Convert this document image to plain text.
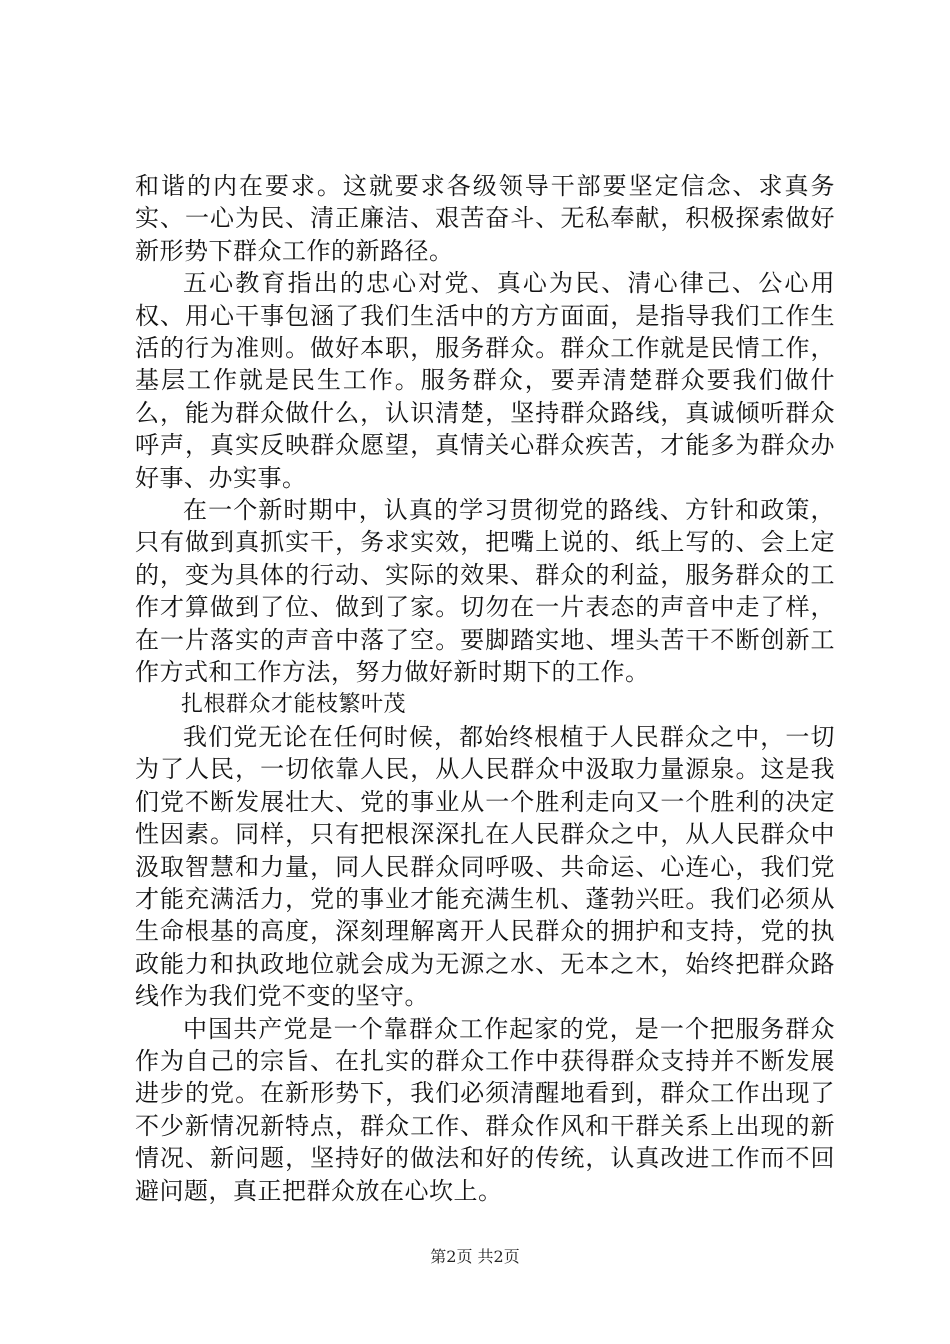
和谐的内在要求。这就要求各级领导干部要坚定信念、求真务实、一心为民、清正廉洁、艰苦奋斗、无私奉献，积极探索做好新形势下群众工作的新路径。

五心教育指出的忠心对党、真心为民、清心律己、公心用权、用心干事包涵了我们生活中的方方面面，是指导我们工作生活的行为准则。做好本职，服务群众。群众工作就是民情工作，基层工作就是民生工作。服务群众，要弄清楚群众要我们做什么，能为群众做什么，认识清楚，坚持群众路线，真诚倾听群众呼声，真实反映群众愿望，真情关心群众疾苦，才能多为群众办好事、办实事。

在一个新时期中，认真的学习贯彻党的路线、方针和政策，只有做到真抓实干，务求实效，把嘴上说的、纸上写的、会上定的，变为具体的行动、实际的效果、群众的利益，服务群众的工作才算做到了位、做到了家。切勿在一片表态的声音中走了样，在一片落实的声音中落了空。要脚踏实地、埋头苦干不断创新工作方式和工作方法，努力做好新时期下的工作。

扎根群众才能枝繁叶茂

我们党无论在任何时候，都始终根植于人民群众之中，一切为了人民，一切依靠人民，从人民群众中汲取力量源泉。这是我们党不断发展壮大、党的事业从一个胜利走向又一个胜利的决定性因素。同样，只有把根深深扎在人民群众之中，从人民群众中汲取智慧和力量，同人民群众同呼吸、共命运、心连心，我们党才能充满活力，党的事业才能充满生机、蓬勃兴旺。我们必须从生命根基的高度，深刻理解离开人民群众的拥护和支持，党的执政能力和执政地位就会成为无源之水、无本之木，始终把群众路线作为我们党不变的坚守。

中国共产党是一个靠群众工作起家的党，是一个把服务群众作为自己的宗旨、在扎实的群众工作中获得群众支持并不断发展进步的党。在新形势下，我们必须清醒地看到，群众工作出现了不少新情况新特点，群众工作、群众作风和干群关系上出现的新情况、新问题，坚持好的做法和好的传统，认真改进工作而不回避问题，真正把群众放在心坎上。

第2页 共2页
